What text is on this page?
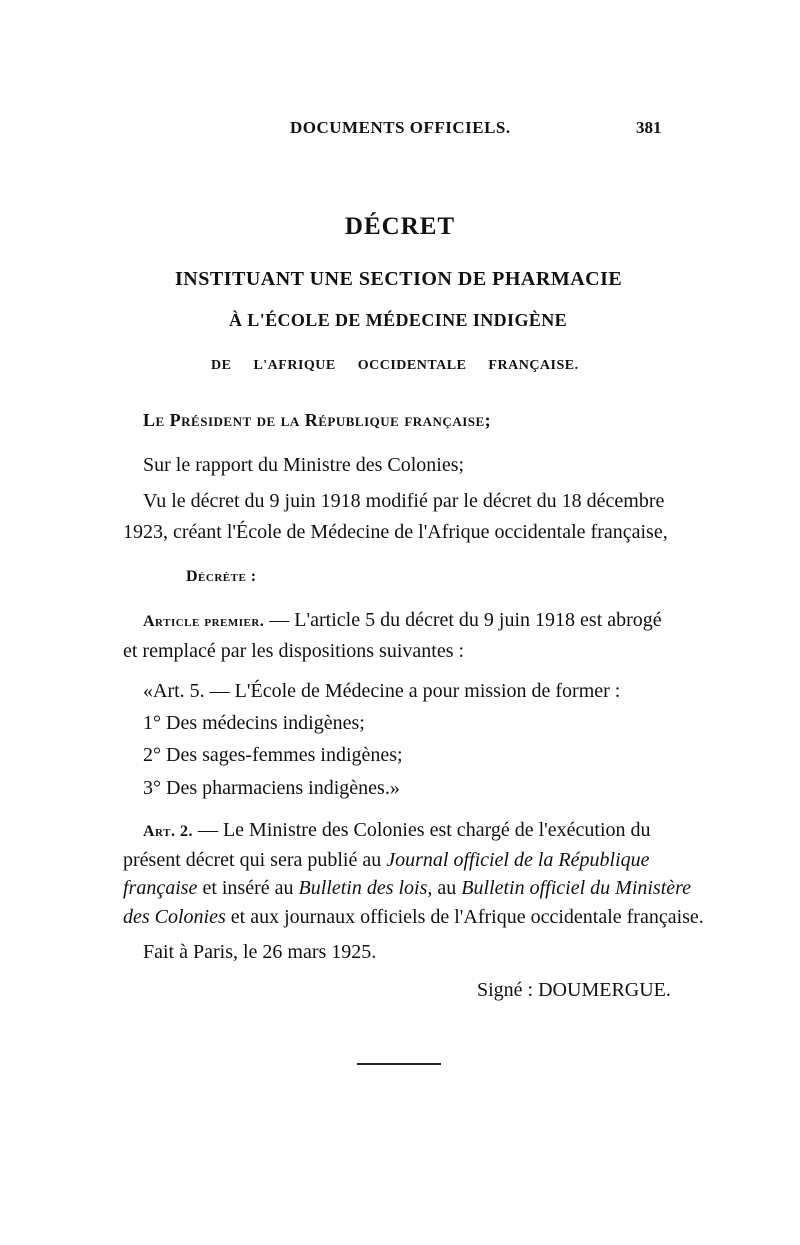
DOCUMENTS OFFICIELS.	381
DÉCRET
INSTITUANT UNE SECTION DE PHARMACIE
À L'ÉCOLE DE MÉDECINE INDIGÈNE
DE L'AFRIQUE OCCIDENTALE FRANÇAISE.
Le Président de la République française;
Sur le rapport du Ministre des Colonies;
Vu le décret du 9 juin 1918 modifié par le décret du 18 décembre
1923, créant l'École de Médecine de l'Afrique occidentale française,
Décrète :
Article premier. — L'article 5 du décret du 9 juin 1918 est abrogé
et remplacé par les dispositions suivantes :
«Art. 5. — L'École de Médecine a pour mission de former :
1° Des médecins indigènes;
2° Des sages-femmes indigènes;
3° Des pharmaciens indigènes.»
Art. 2. — Le Ministre des Colonies est chargé de l'exécution du
présent décret qui sera publié au Journal officiel de la République
française et inséré au Bulletin des lois, au Bulletin officiel du Ministère
des Colonies et aux journaux officiels de l'Afrique occidentale française.
Fait à Paris, le 26 mars 1925.
Signé : DOUMERGUE.
